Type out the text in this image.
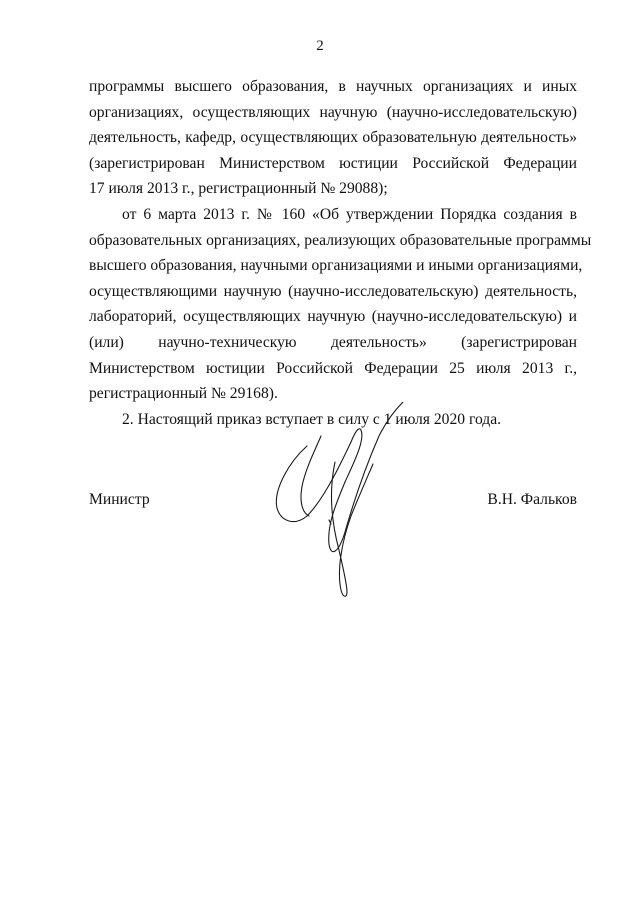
2
программы высшего образования, в научных организациях и иных
организациях, осуществляющих научную (научно-исследовательскую)
деятельность, кафедр, осуществляющих образовательную деятельность»
(зарегистрирован Министерством юстиции Российской Федерации
17 июля 2013 г., регистрационный № 29088);
от 6 марта 2013 г. № 160 «Об утверждении Порядка создания в
образовательных организациях, реализующих образовательные программы
высшего образования, научными организациями и иными организациями,
осуществляющими научную (научно-исследовательскую) деятельность,
лабораторий, осуществляющих научную (научно-исследовательскую) и
(или) научно-техническую деятельность» (зарегистрирован
Министерством юстиции Российской Федерации 25 июля 2013 г.,
регистрационный № 29168).
2. Настоящий приказ вступает в силу с 1 июля 2020 года.
Министр	В.Н. Фальков
